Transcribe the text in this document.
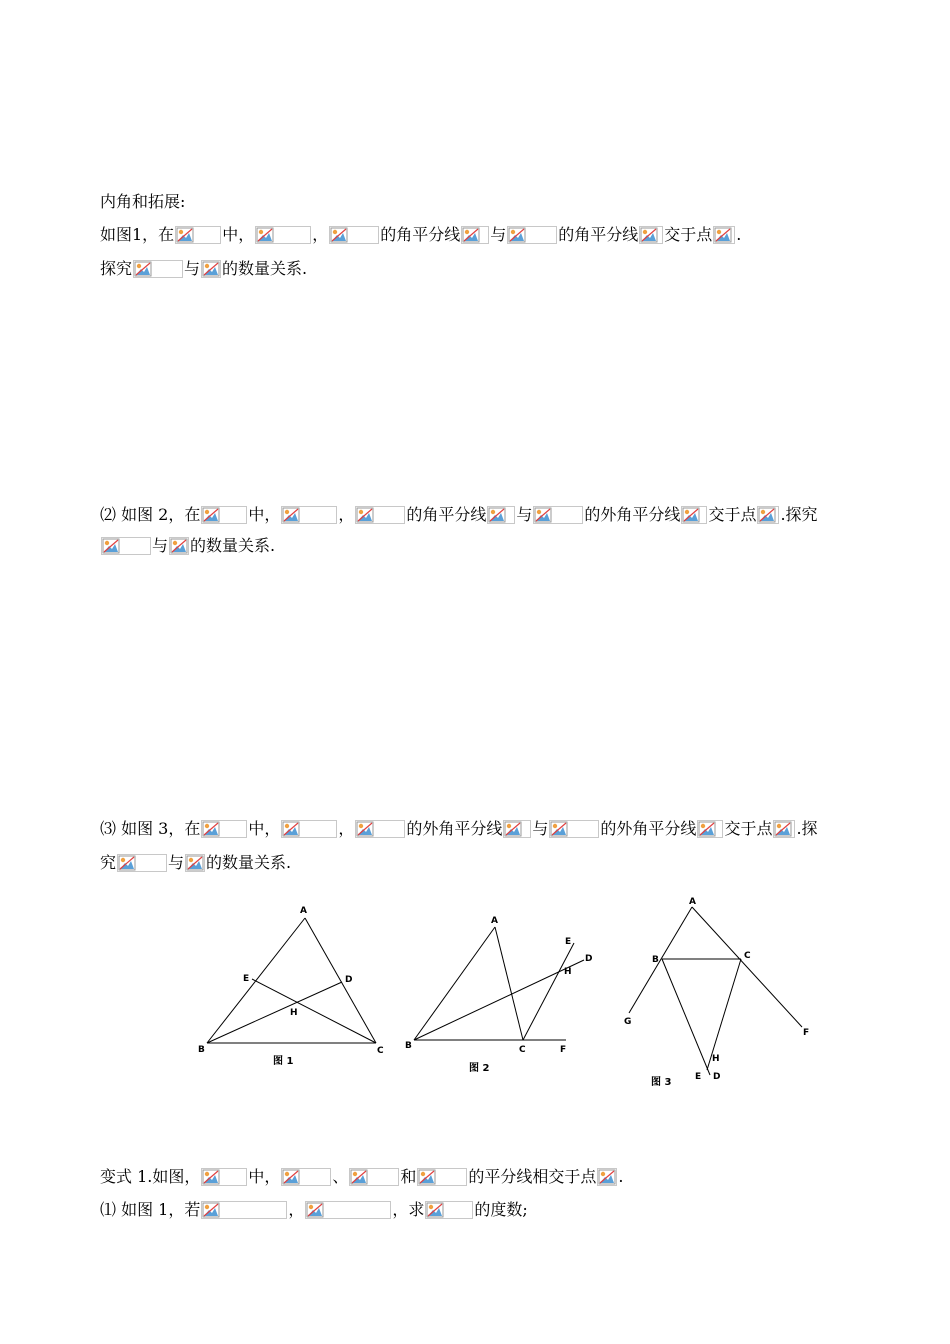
内角和拓展:
如图1，在	中，	，	的角平分线 与	的角平分线 交于点 .
探究	与 的数量关系.
⑵ 如图 2，在	中，	，	的角平分线 与	的外角平分线 交于点 .探究
与 的数量关系.
⑶ 如图 3，在	中，	，	的外角平分线 与	的外角平分线 交于点 .探
究	与 的数量关系.
A
B	C
D
E
H
图 1
A
B	C
D
E
F
H
图 2
A
B	C
D
E
F
G
H
图 3
变式 1.如图，	中，	、	和	的平分线相交于点 .
⑴ 如图 1，若	，	，求	的度数;
